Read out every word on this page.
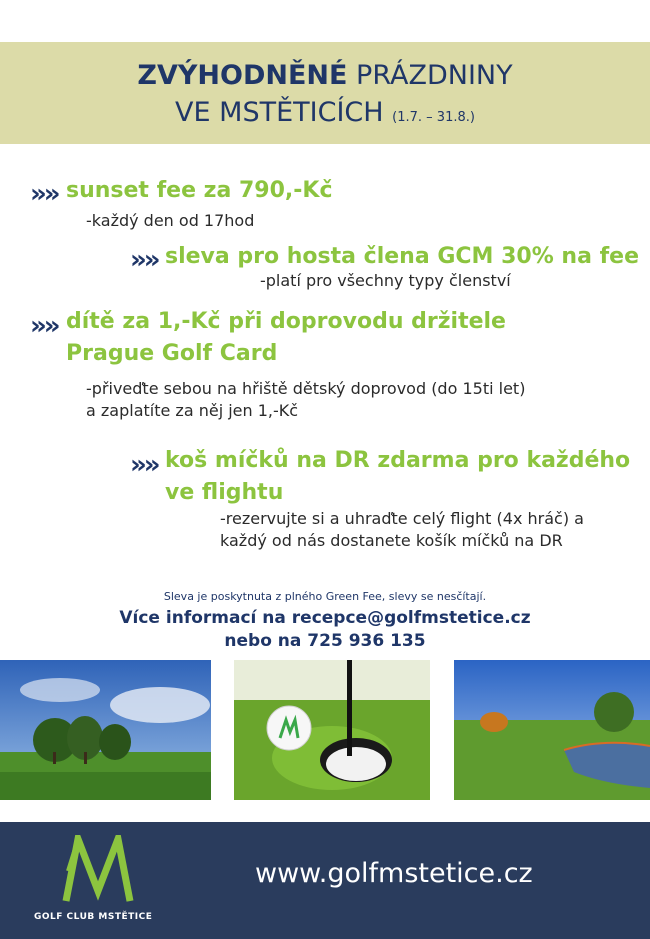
ZVÝHODNĚNÉ PRÁZDNINY
VE MSTĚTICÍCH (1.7. – 31.8.)
»» sunset fee za 790,-Kč
-každý den od 17hod
»» sleva pro hosta člena GCM 30% na fee
-platí pro všechny typy členství
»» dítě za 1,-Kč při doprovodu držitele
Prague Golf Card
-přiveďte sebou na hřiště dětský doprovod (do 15ti let)
a zaplatíte za něj jen 1,-Kč
»» koš míčků na DR zdarma pro každého
ve flightu
-rezervujte si a uhraďte celý flight (4x hráč) a
každý od nás dostanete košík míčků na DR
Sleva je poskytnuta z plného Green Fee, slevy se nesčítají.
Více informací na recepce@golfmstetice.cz
nebo na 725 936 135
GOLF CLUB MSTĚTICE
www.golfmstetice.cz
